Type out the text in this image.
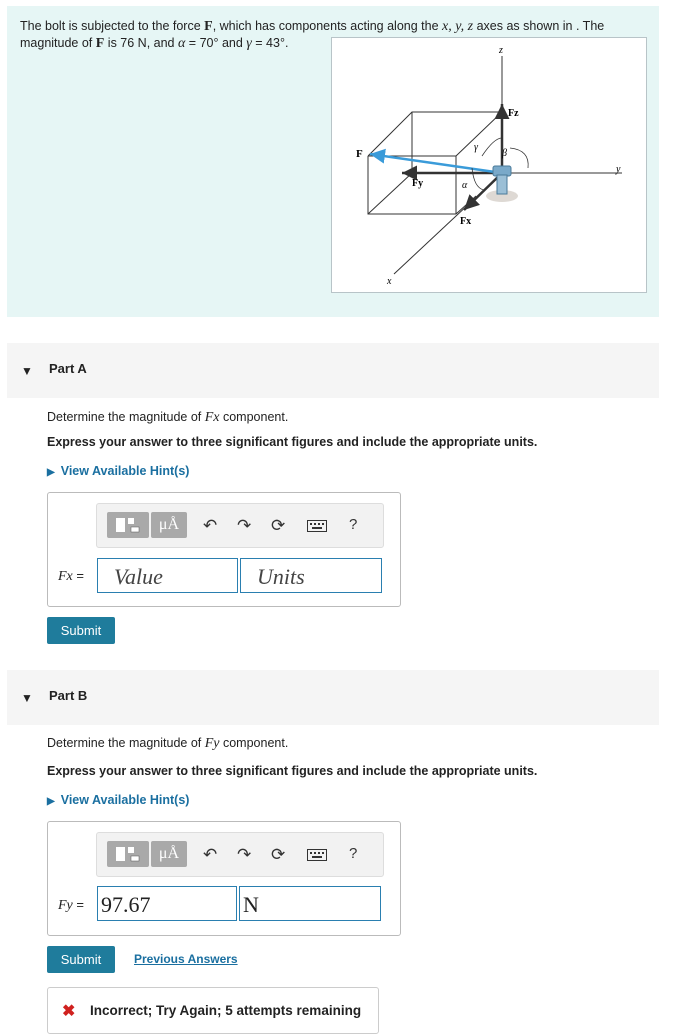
The bolt is subjected to the force F, which has components acting along the x, y, z axes as shown in . The
magnitude of F is 76 N, and α = 70° and γ = 43°.
z
Fz
F
γ
β
Fy	α
y
Fx
x
▼ Part A
Determine the magnitude of Fx component.
Express your answer to three significant figures and include the appropriate units.
▶ View Available Hint(s)
μÅ	↶ ↷ ⟳	?
Fx =	Value	Units
Submit
▼ Part B
Determine the magnitude of Fy component.
Express your answer to three significant figures and include the appropriate units.
▶ View Available Hint(s)
μÅ	↶ ↷ ⟳	?
Fy = 97.67	N
Submit	Previous Answers
✖ Incorrect; Try Again; 5 attempts remaining
